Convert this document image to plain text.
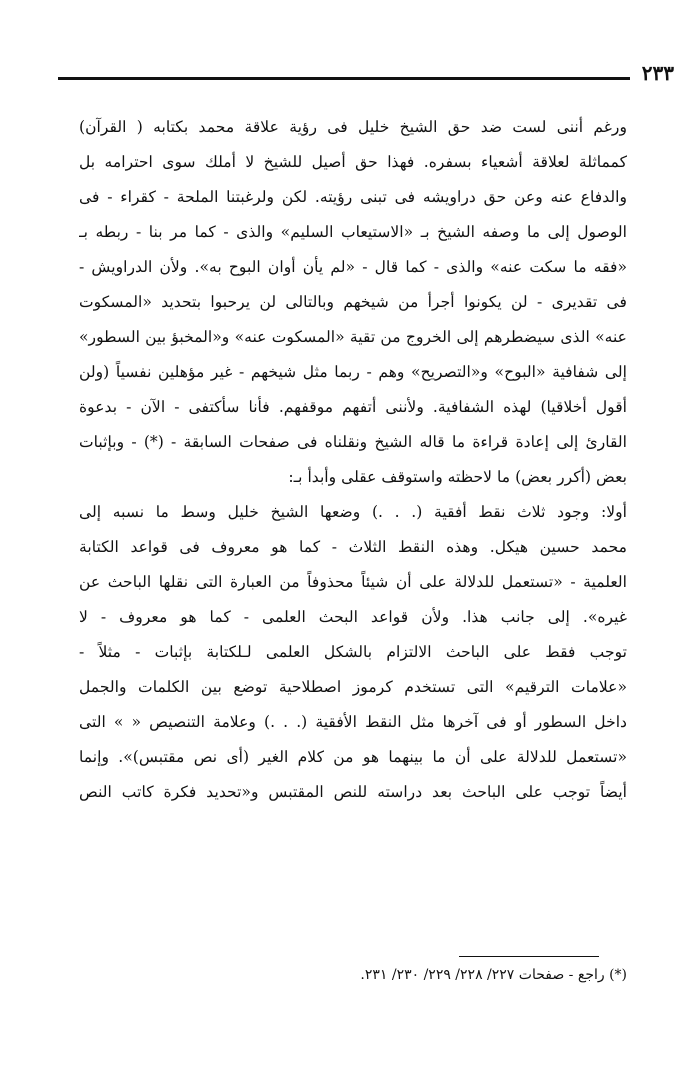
٢٣٣
ورغم أننى لست ضد حق الشيخ خليل فى رؤية علاقة محمد بكتابه ( القرآن)
كمماثلة لعلاقة أشعياء بسفره. فهذا حق أصيل للشيخ لا أملك سوى احترامه بل
والدفاع عنه وعن حق دراويشه فى تبنى رؤيته. لكن ولرغبتنا الملحة - كقراء - فى
الوصول إلى ما وصفه الشيخ بـ «الاستيعاب السليم» والذى - كما مر بنا - ربطه بـ
«فقه ما سكت عنه» والذى - كما قال - «لم يأن أوان البوح به». ولأن الدراويش -
فى تقديرى - لن يكونوا أجرأ من شيخهم وبالتالى لن يرحبوا بتحديد «المسكوت
عنه» الذى سيضطرهم إلى الخروج من تقية «المسكوت عنه» و«المخبؤ بين السطور»
إلى شفافية «البوح» و«التصريح» وهم - ربما مثل شيخهم - غير مؤهلين نفسياً (ولن
أقول أخلاقيا) لهذه الشفافية. ولأننى أتفهم موقفهم. فأنا سأكتفى - الآن - بدعوة
القارئ إلى إعادة قراءة ما قاله الشيخ ونقلناه فى صفحات السابقة - (*) - وبإثبات
بعض (أكرر بعض) ما لاحظته واستوقف عقلى وأبدأ بـ:
أولا: وجود ثلاث نقط أفقية (. . .) وضعها الشيخ خليل وسط ما نسبه إلى
محمد حسين هيكل. وهذه النقط الثلاث - كما هو معروف فى قواعد الكتابة
العلمية - «تستعمل للدلالة على أن شيئاً محذوفاً من العبارة التى نقلها الباحث عن
غيره». إلى جانب هذا. ولأن قواعد البحث العلمى - كما هو معروف - لا
توجب فقط على الباحث الالتزام بالشكل العلمى لـلكتابة بإثبات - مثلاً -
«علامات الترقيم» التى تستخدم كرموز اصطلاحية توضع بين الكلمات والجمل
داخل السطور أو فى آخرها مثل النقط الأفقية (. . .) وعلامة التنصيص « » التى
«تستعمل للدلالة على أن ما بينهما هو من كلام الغير (أى نص مقتبس)». وإنما
أيضاً توجب على الباحث بعد دراسته للنص المقتبس و«تحديد فكرة كاتب النص
(*) راجع - صفحات ٢٢٧/ ٢٢٨/ ٢٢٩/ ٢٣٠/ ٢٣١.
